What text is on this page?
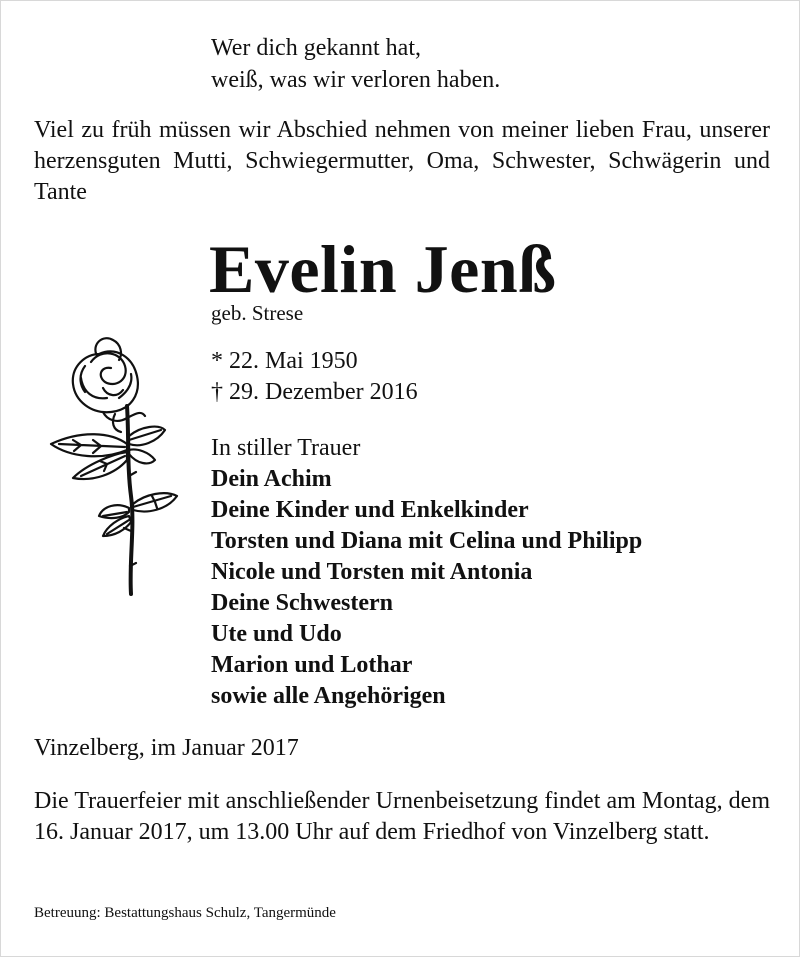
Wer dich gekannt hat,
weiß, was wir verloren haben.
Viel zu früh müssen wir Abschied nehmen von meiner lieben Frau, unserer herzensguten Mutti, Schwiegermutter, Oma, Schwester, Schwägerin und Tante
Evelin Jenß
geb. Strese
* 22. Mai 1950
† 29. Dezember 2016
In stiller Trauer
Dein Achim
Deine Kinder und Enkelkinder
Torsten und Diana mit Celina und Philipp
Nicole und Torsten mit Antonia
Deine Schwestern
Ute und Udo
Marion und Lothar
sowie alle Angehörigen
Vinzelberg, im Januar 2017
Die Trauerfeier mit anschließender Urnenbeisetzung findet am Montag, dem 16. Januar 2017, um 13.00 Uhr auf dem Friedhof von Vinzelberg statt.
Betreuung: Bestattungshaus Schulz, Tangermünde
